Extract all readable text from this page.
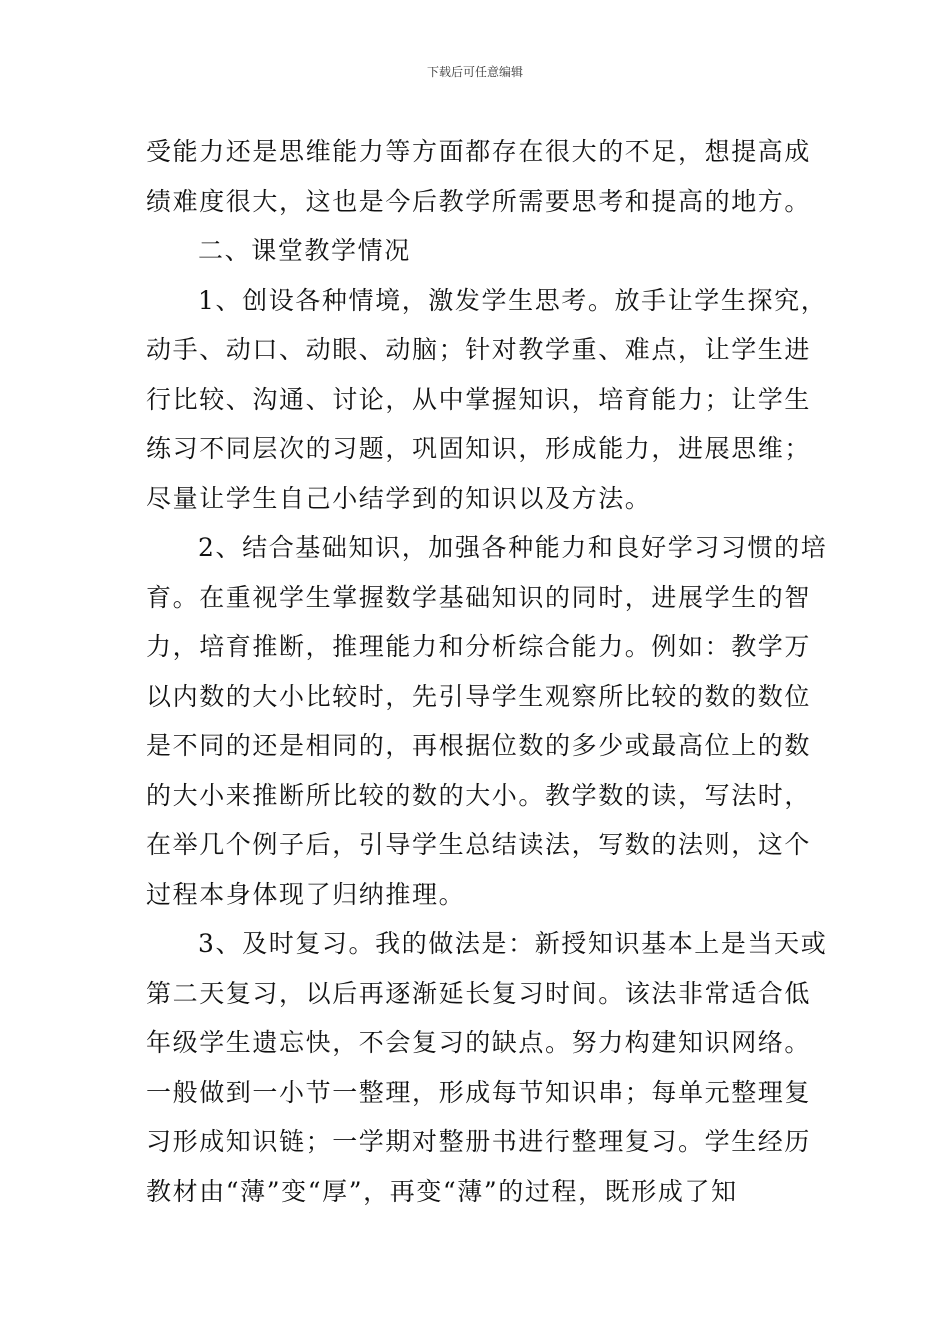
下载后可任意编辑
受能力还是思维能力等方面都存在很大的不足，想提高成
绩难度很大，这也是今后教学所需要思考和提高的地方。
二、课堂教学情况
1、创设各种情境，激发学生思考。放手让学生探究，
动手、动口、动眼、动脑；针对教学重、难点，让学生进
行比较、沟通、讨论，从中掌握知识，培育能力；让学生
练习不同层次的习题，巩固知识，形成能力，进展思维；
尽量让学生自己小结学到的知识以及方法。
2、结合基础知识，加强各种能力和良好学习习惯的培
育。在重视学生掌握数学基础知识的同时，进展学生的智
力，培育推断，推理能力和分析综合能力。例如：教学万
以内数的大小比较时，先引导学生观察所比较的数的数位
是不同的还是相同的，再根据位数的多少或最高位上的数
的大小来推断所比较的数的大小。教学数的读，写法时，
在举几个例子后，引导学生总结读法，写数的法则，这个
过程本身体现了归纳推理。
3、及时复习。我的做法是：新授知识基本上是当天或
第二天复习，以后再逐渐延长复习时间。该法非常适合低
年级学生遗忘快，不会复习的缺点。努力构建知识网络。
一般做到一小节一整理，形成每节知识串；每单元整理复
习形成知识链；一学期对整册书进行整理复习。学生经历
教材由“薄”变“厚”，再变“薄”的过程，既形成了知
